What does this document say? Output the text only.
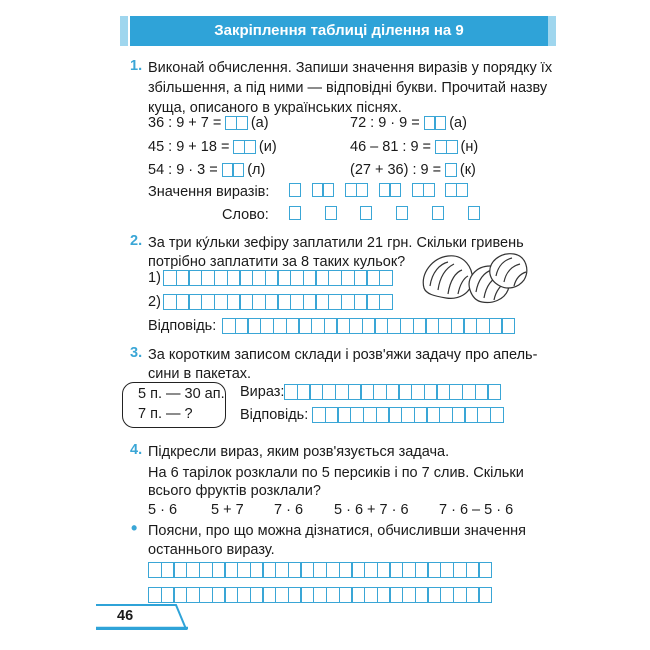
Закріплення таблиці ділення на 9
1. Виконай обчислення. Запиши значення виразів у порядку їх
збільшення, а під ними — відповідні букви. Прочитай назву
куща, описаного в українських піснях.
36 : 9 + 7 = (а)
45 : 9 + 18 = (и)
54 : 9 · 3 = (л)
72 : 9 · 9 = (а)
46 – 81 : 9 = (н)
(27 + 36) : 9 = (к)
Значення виразів:
Слово:
2. За три ку́льки зефіру заплатили 21 грн. Скільки гривень
потрібно заплатити за 8 таких кульок?
1)
2)
Відповідь:
3. За коротким записом склади і розв'яжи задачу про апель-
сини в пакетах.
5 п. — 30 ап.
7 п. — ?
Вираз:
Відповідь:
4. Підкресли вираз, яким розв'язується задача.
На 6 тарілок розклали по 5 персиків і по 7 слив. Скільки
всього фруктів розклали?
5 · 6 5 + 7 7 · 6 5 · 6 + 7 · 6 7 · 6 – 5 · 6
• Поясни, про що можна дізнатися, обчисливши значення
останнього виразу.
46
